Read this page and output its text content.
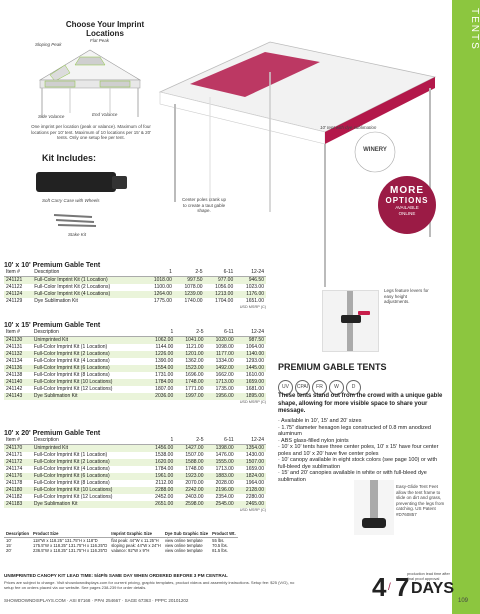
TENTS
Choose Your Imprint Locations
Flat Peak
Sloping Peak
Side Valance	End Valance
One imprint per location (peak or valance). Maximum of four locations per 10' tent. Maximum of 10 locations per 15' & 20' tents. Only one setup fee per tent.
Kit Includes:
Soft Carry Case with Wheels
Stake Kit
WINERY
10' tent with dye sublimation
MORE
OPTIONS
AVAILABLE
ONLINE
Center poles crank up to create a taut gable shape.
Legs feature levers for easy height adjustments.
10' x 10' Premium Gable Tent
Item #	Description	1	2-5	6-11	12-24
241121	Full-Color Imprint Kit (1 Location)	1018.00	997.50	977.00	946.50
241122	Full-Color Imprint Kit (2 Locations)	1100.00	1078.00	1056.00	1023.00
241124	Full-Color Imprint Kit (4 Locations)	1264.00	1239.00	1213.00	1176.00
241129	Dye Sublimation Kit	1775.00	1740.00	1704.00	1651.00
USD MSRP (C)
10' x 15' Premium Gable Tent
Item #	Description	1	2-5	6-11	12-24
241130	Unimprinted Kit	1062.00	1041.00	1020.00	987.50
241131	Full-Color Imprint Kit (1 Location)	1144.00	1121.00	1098.00	1064.00
241132	Full-Color Imprint Kit (2 Locations)	1226.00	1201.00	1177.00	1140.00
241134	Full-Color Imprint Kit (4 Locations)	1390.00	1362.00	1334.00	1293.00
241136	Full-Color Imprint Kit (6 Locations)	1554.00	1523.00	1492.00	1445.00
241138	Full-Color Imprint Kit (8 Locations)	1731.00	1696.00	1662.00	1610.00
241140	Full-Color Imprint Kit (10 Locations)	1784.00	1748.00	1713.00	1659.00
241142	Full-Color Imprint Kit (12 Locations)	1807.00	1771.00	1735.00	1681.00
241143	Dye Sublimation Kit	2036.00	1997.00	1956.00	1895.00
USD MSRP (C)
10' x 20' Premium Gable Tent
Item #	Description	1	2-5	6-11	12-24
241170	Unimprinted Kit	1456.00	1427.00	1398.00	1354.00
241171	Full-Color Imprint Kit (1 Location)	1538.00	1507.00	1476.00	1430.00
241172	Full-Color Imprint Kit (2 Locations)	1620.00	1588.00	1555.00	1507.00
241174	Full-Color Imprint Kit (4 Locations)	1784.00	1748.00	1713.00	1659.00
241176	Full-Color Imprint Kit (6 Locations)	1961.00	1923.00	1883.00	1824.00
241178	Full-Color Imprint Kit (8 Locations)	2112.00	2070.00	2028.00	1964.00
241180	Full-Color Imprint Kit (10 Locations)	2288.00	2242.00	2196.00	2128.00
241182	Full-Color Imprint Kit (12 Locations)	2452.00	2403.00	2354.00	2280.00
241183	Dye Sublimation Kit	2651.00	2598.00	2545.00	2465.00
USD MSRP (C)
PREMIUM GABLE TENTS
UV CPAI FR W	D
These tents stand out from the crowd with a unique gable shape, allowing for more visible space to share your message.
· Available in 10', 15' and 20' sizes
· 1.75" diameter hexagon legs constructed of 0.8 mm anodized aluminum
· ABS glass-filled nylon joints
· 10' x 10' tents have three center poles, 10' x 15' have four center poles and 10' x 20' have five center poles
· 10' canopy available in eight stock colors (see page 100) or with full-bleed dye sublimation
· 15' and 20' canopies available in white or with full-bleed dye sublimation
Easy-Glide Tent Feet allow the tent frame to slide on dirt and grass, preventing the legs from catching. US Patent #D760857
Description	Product Size	Imprint Graphic Size	Dye Sub Graphic Size	Product Wt.
10'	118"W x 118.25" 131.75"H x 118"D	flat peak: 44"W x 11.25"H	view online template	55 lbs.
15'	175.5"W x 118.25" 131.75"H x 116.25"D	sloping peak: 44"W x 24"H	view online template	70.5 lbs.
20'	236.5"W x 118.25" 131.75"H x 116.25"D	valance: 92"W x 9"H	view online template	81.5 lbs.
UNIMPRINTED CANOPY KIT LEAD TIME: 5/4P/5 SAME DAY WHEN ORDERED BEFORE 3 PM CENTRAL
Prices are subject to change. Visit showdowndisplays.com for current pricing, graphic templates, product videos and assembly instructions. Setup fee: $25 (V/G), no setup fee on orders placed via our website. See pages 238-239 for order details.
SHOWDOWNDISPLAYS.COM · ASI 87168 · PPAI 254667 · SAGE 67363 · PPPC 20101202	4 / 7 DAYS
production lead time after final proof approval
109
